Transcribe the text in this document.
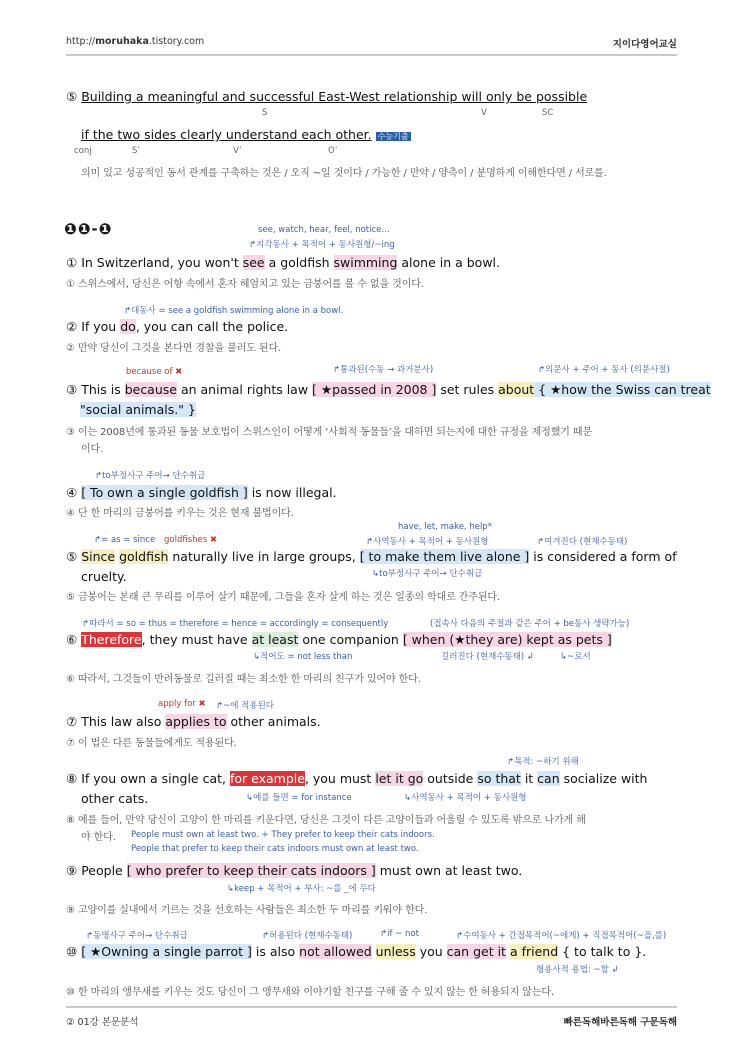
http://moruhaka.tistory.com	지이다영어교실
⑤ Building a meaningful and successful East-West relationship will only be possible
S	V	SC
if the two sides clearly understand each other. 수능기출
conj	S’	V’	O’
의미 있고 성공적인 동서 관계를 구축하는 것은 / 오직 ~일 것이다 / 가능한 / 만약 / 양측이 / 분명하게 이해한다면 / 서로를.
❶❶-❶	see, watch, hear, feel, notice…
↱지각동사 + 목적어 + 동사원형/~ing
① In Switzerland, you won't see a goldfish swimming alone in a bowl.
① 스위스에서, 당신은 어항 속에서 혼자 헤엄치고 있는 금붕어를 볼 수 없을 것이다.
↱대동사 = see a goldfish swimming alone in a bowl.
② If you do, you can call the police.
② 만약 당신이 그것을 본다면 경찰을 불러도 된다.
because of ✖	↱통과된(수동 → 과거분사)	↱의문사 + 주어 + 동사 (의문사절)
③ This is because an animal rights law [ ★passed in 2008 ] set rules about { ★how the Swiss can treat
"social animals." }
③ 이는 2008년에 통과된 동물 보호법이 스위스인이 어떻게 ‘사회적 동물들’을 대하면 되는지에 대한 규정을 제정했기 때문
이다.
↱to부정사구 주어→ 단수취급
④ [ To own a single goldfish ] is now illegal.
④ 단 한 마리의 금붕어를 키우는 것은 현재 불법이다.
have, let, make, help*
↱= as = since goldfishes ✖	↱사역동사 + 목적어 + 동사원형	↱여겨진다 (현재수동태)
⑤ Since goldfish naturally live in large groups, [ to make them live alone ] is considered a form of
cruelty.	↳to부정사구 주어→ 단수취급
⑤ 금붕어는 본래 큰 무리를 이루어 살기 때문에, 그들을 혼자 살게 하는 것은 일종의 학대로 간주된다.
↱따라서 = so = thus = therefore = hence = accordingly = consequently	(접속사 다음의 주절과 같은 주어 + be동사 생략가능)
⑥ Therefore, they must have at least one companion [ when (★they are) kept as pets ]
↳적어도 = not less than	길러진다 (현재수동태) ↲	↳~로서
⑥ 따라서, 그것들이 반려동물로 길러질 때는 최소한 한 마리의 친구가 있어야 한다.
apply for ✖ ↱~에 적용된다
⑦ This law also applies to other animals.
⑦ 이 법은 다른 동물들에게도 적용된다.
↱목적: ~하기 위해
⑧ If you own a single cat, for example, you must let it go outside so that it can socialize with
other cats.	↳예를 들면 = for instance	↳사역동사 + 목적어 + 동사원형
⑧ 예를 들어, 만약 당신이 고양이 한 마리를 키운다면, 당신은 그것이 다른 고양이들과 어울릴 수 있도록 밖으로 나가게 해
야 한다. People must own at least two. + They prefer to keep their cats indoors.
People that prefer to keep their cats indoors must own at least two.
⑨ People [ who prefer to keep their cats indoors ] must own at least two.
↳keep + 목적어 + 부사: ~를 _에 두다
⑨ 고양이를 실내에서 기르는 것을 선호하는 사람들은 최소한 두 마리를 키워야 한다.
↱동명사구 주어→ 단수취급	↱허용된다 (현재수동태)	↱if ~ not	↱수여동사 + 간접목적어(~에게) + 직접목적어(~을,를)
⑩ [ ★Owning a single parrot ] is also not allowed unless you can get it a friend { to talk to }.
형용사적 용법: ~할 ↲
⑩ 한 마리의 앵무새를 키우는 것도 당신이 그 앵무새와 이야기할 친구를 구해 줄 수 있지 않는 한 허용되지 않는다.
② 01강 본문분석	빠른독해바른독해 구문독해
